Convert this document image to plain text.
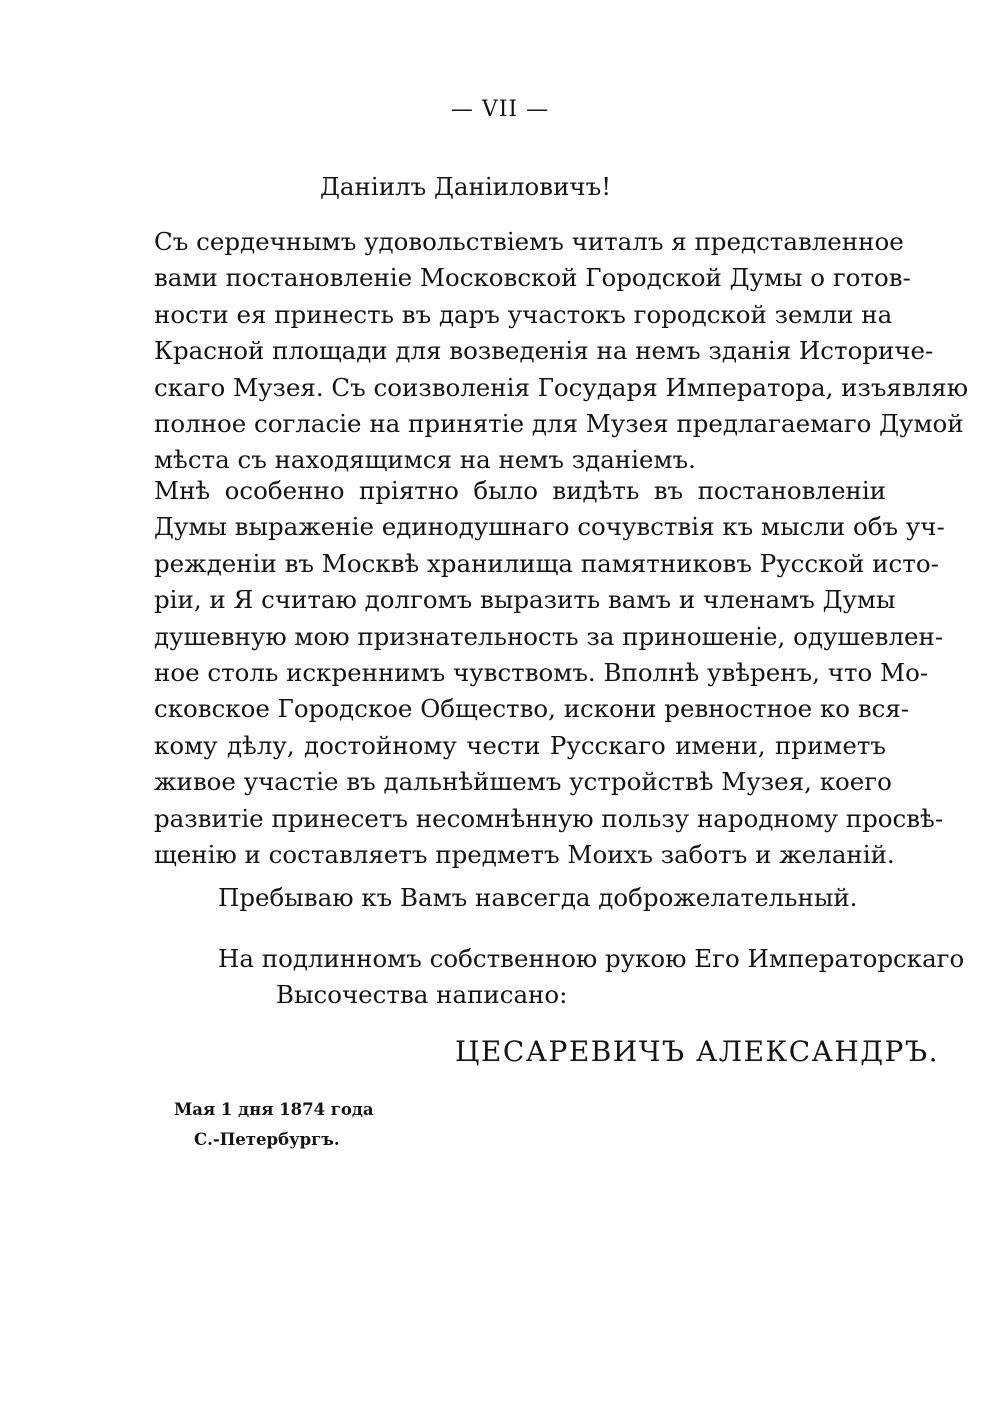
— VII —
Даніилъ Даніиловичъ!
Съ сердечнымъ удовольствіемъ читалъ я представленное
вами постановленіе Московской Городской Думы о готов-
ности ея принесть въ даръ участокъ городской земли на
Красной площади для возведенія на немъ зданія Историче-
скаго Музея. Съ соизволенія Государя Императора, изъявляю
полное согласіе на принятіе для Музея предлагаемаго Думой
мѣста съ находящимся на немъ зданіемъ.
Мнѣ особенно пріятно было видѣть въ постановленіи
Думы выраженіе единодушнаго сочувствія къ мысли объ уч-
режденіи въ Москвѣ хранилища памятниковъ Русской исто-
ріи, и Я считаю долгомъ выразить вамъ и членамъ Думы
душевную мою признательность за приношеніе, одушевлен-
ное столь искреннимъ чувствомъ. Вполнѣ увѣренъ, что Мо-
сковское Городское Общество, искони ревностное ко вся-
кому дѣлу, достойному чести Русскаго имени, приметъ
живое участіе въ дальнѣйшемъ устройствѣ Музея, коего
развитіе принесетъ несомнѣнную пользу народному просвѣ-
щенію и составляетъ предметъ Моихъ заботъ и желаній.
Пребываю къ Вамъ навсегда доброжелательный.
На подлинномъ собственною рукою Его Императорскаго
Высочества написано:
ЦЕСАРЕВИЧЪ АЛЕКСАНДРЪ.
Мая 1 дня 1874 года
С.-Петербургъ.
